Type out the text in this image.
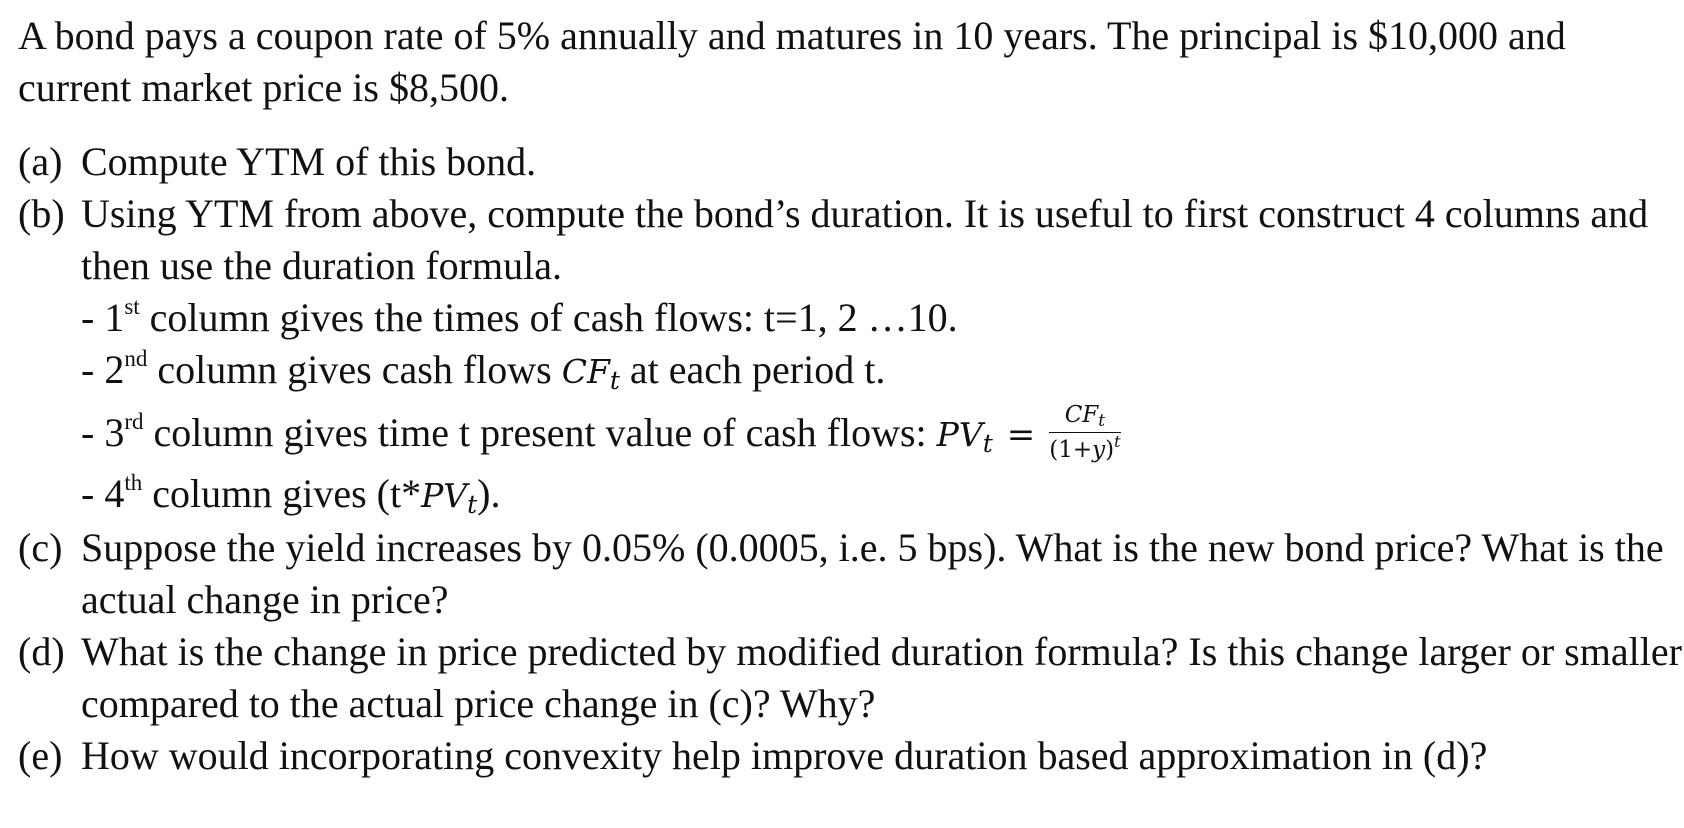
A bond pays a coupon rate of 5% annually and matures in 10 years. The principal is $10,000 and current market price is $8,500.

(a) Compute YTM of this bond.
(b) Using YTM from above, compute the bond’s duration. It is useful to first construct 4 columns and then use the duration formula.
- 1st column gives the times of cash flows: t=1, 2 …10.
- 2nd column gives cash flows $CF_t$ at each period t.
- 3rd column gives time t present value of cash flows: $PV_t = \frac{CF_t}{(1+y)^t}$
- 4th column gives $(t*PV_t)$.
(c) Suppose the yield increases by 0.05% (0.0005, i.e. 5 bps). What is the new bond price? What is the actual change in price?
(d) What is the change in price predicted by modified duration formula? Is this change larger or smaller compared to the actual price change in (c)? Why?
(e) How would incorporating convexity help improve duration based approximation in (d)?
